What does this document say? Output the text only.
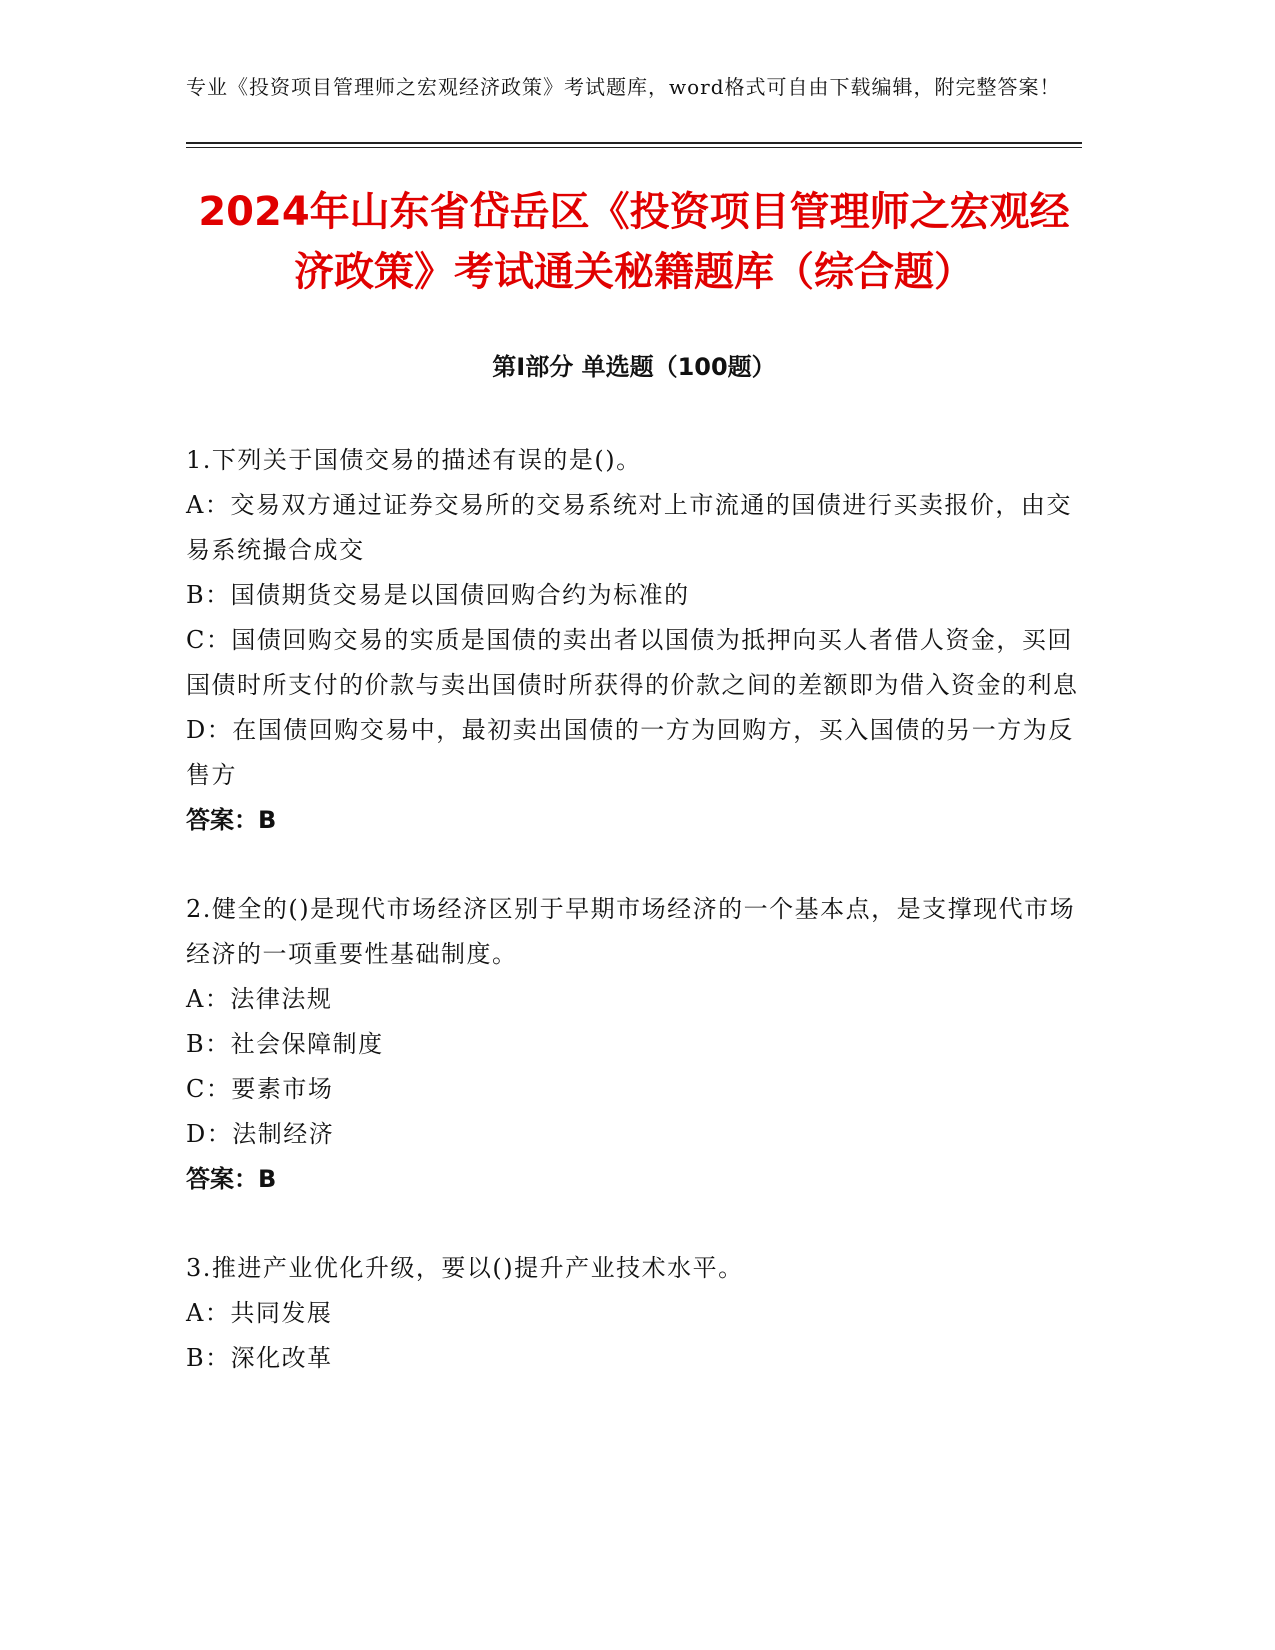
专业《投资项目管理师之宏观经济政策》考试题库，word格式可自由下载编辑，附完整答案！

2024年山东省岱岳区《投资项目管理师之宏观经济政策》考试通关秘籍题库（综合题）
第I部分 单选题（100题）

1.下列关于国债交易的描述有误的是()。

A：交易双方通过证券交易所的交易系统对上市流通的国债进行买卖报价，由交易系统撮合成交

B：国债期货交易是以国债回购合约为标准的

C：国债回购交易的实质是国债的卖出者以国债为抵押向买人者借人资金，买回国债时所支付的价款与卖出国债时所获得的价款之间的差额即为借入资金的利息

D：在国债回购交易中，最初卖出国债的一方为回购方，买入国债的另一方为反售方

答案：B

2.健全的()是现代市场经济区别于早期市场经济的一个基本点，是支撑现代市场经济的一项重要性基础制度。

A：法律法规

B：社会保障制度

C：要素市场

D：法制经济

答案：B

3.推进产业优化升级，要以()提升产业技术水平。

A：共同发展

B：深化改革
